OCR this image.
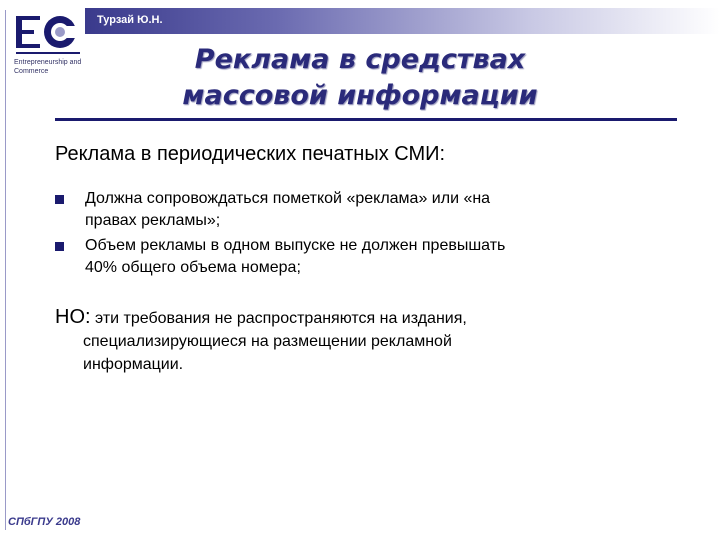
Турзай Ю.Н.
Entrepreneurship and Commerce	Реклама в средствах
массовой информации
Реклама в периодических печатных СМИ:
Должна сопровождаться пометкой «реклама» или «на
правах рекламы»;
Объем рекламы в одном выпуске не должен превышать
40% общего объема номера;
НО: эти требования не распространяются на издания,
специализирующиеся на размещении рекламной
информации.
СПбГПУ 2008
